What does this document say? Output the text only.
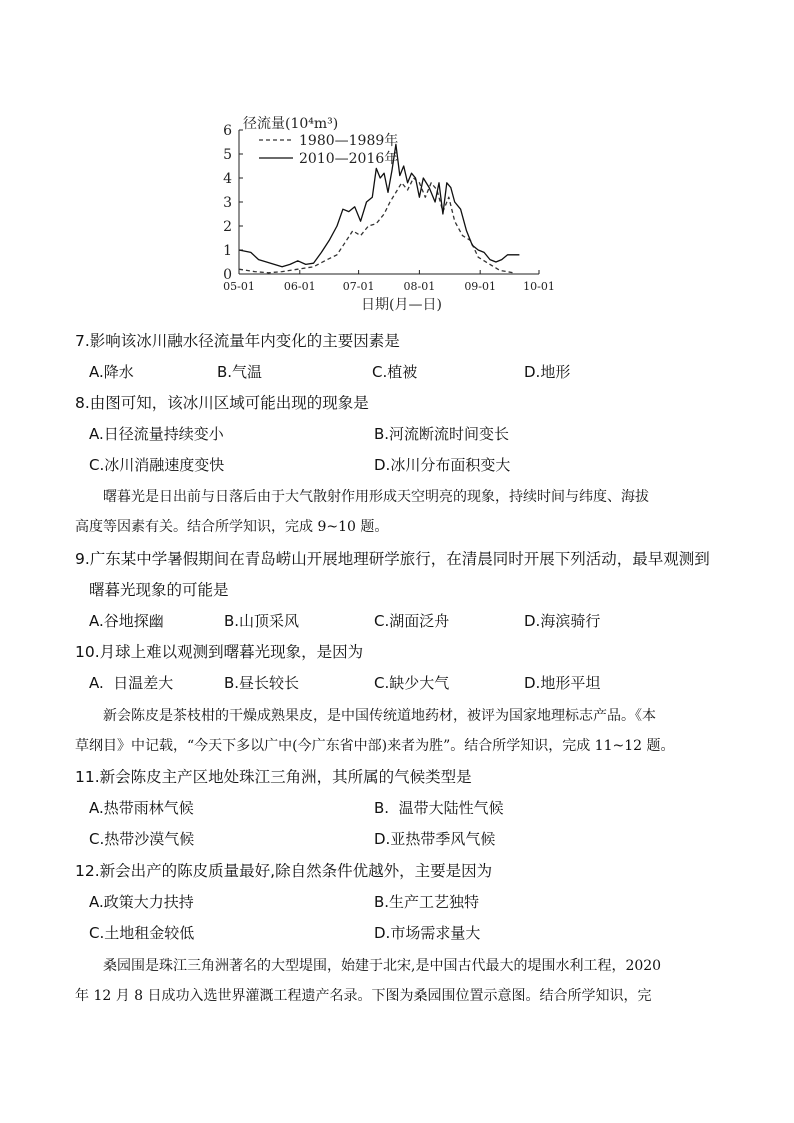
0
1
2
3
4
5
6
05-01	06-01 07-01	08-01	09-01 10-01
径流量(10⁴m³)
1980—1989年
2010—2016年
日期(月—日)
7.影响该冰川融水径流量年内变化的主要因素是
A.降水	B.气温	C.植被	D.地形
8.由图可知，该冰川区域可能出现的现象是
A.日径流量持续变小	B.河流断流时间变长
C.冰川消融速度变快	D.冰川分布面积变大
　　曙暮光是日出前与日落后由于大气散射作用形成天空明亮的现象，持续时间与纬度、海拔
高度等因素有关。结合所学知识，完成 9~10 题。
9.广东某中学暑假期间在青岛崂山开展地理研学旅行，在清晨同时开展下列活动，最早观测到
曙暮光现象的可能是
A.谷地探幽	B.山顶采风	C.湖面泛舟	D.海滨骑行
10.月球上难以观测到曙暮光现象，是因为
A.  日温差大	B.昼长较长	C.缺少大气	D.地形平坦
　　新会陈皮是茶枝柑的干燥成熟果皮，是中国传统道地药材，被评为国家地理标志产品。《本
草纲目》中记载，“今天下多以广中(今广东省中部)来者为胜”。结合所学知识，完成 11~12 题。
11.新会陈皮主产区地处珠江三角洲，其所属的气候类型是
A.热带雨林气候	B.  温带大陆性气候
C.热带沙漠气候	D.亚热带季风气候
12.新会出产的陈皮质量最好,除自然条件优越外，主要是因为
A.政策大力扶持	B.生产工艺独特
C.土地租金较低	D.市场需求量大
　　桑园围是珠江三角洲著名的大型堤围，始建于北宋,是中国古代最大的堤围水利工程，2020
年 12 月 8 日成功入选世界灌溉工程遗产名录。下图为桑园围位置示意图。结合所学知识，完
